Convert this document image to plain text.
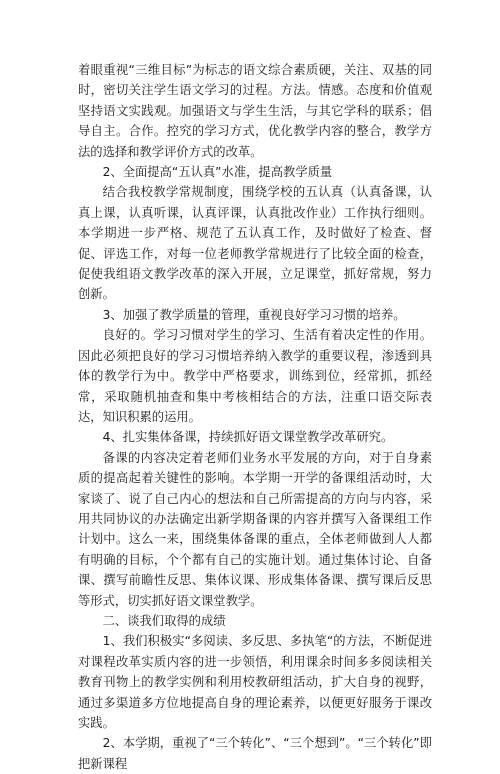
着眼重视“三维目标”为标志的语文综合素质硬，关注、双基的同时，密切关注学生语文学习的过程。方法。情感。态度和价值观坚持语文实践观。加强语文与学生生活，与其它学科的联系；倡导自主。合作。控究的学习方式，优化教学内容的整合，教学方法的选择和教学评价方式的改革。

2、全面提高“五认真”水准，提高教学质量

结合我校教学常规制度，围绕学校的五认真（认真备课，认真上课，认真听课，认真评课，认真批改作业）工作执行细则。本学期进一步严格、规范了五认真工作，及时做好了检查、督促、评选工作，对每一位老师教学常规进行了比较全面的检查，促使我组语文教学改革的深入开展，立足课堂，抓好常规，努力创新。

3、加强了教学质量的管理，重视良好学习习惯的培养。

良好的。学习习惯对学生的学习、生活有着决定性的作用。因此必须把良好的学习习惯培养纳入教学的重要议程，渗透到具体的教学行为中。教学中严格要求，训练到位，经常抓，抓经常，采取随机抽查和集中考核相结合的方法，注重口语交际表达，知识积累的运用。

4、扎实集体备课，持续抓好语文课堂教学改革研究。

备课的内容决定着老师们业务水平发展的方向，对于自身素质的提高起着关键性的影响。本学期一开学的备课组活动时，大家谈了、说了自己内心的想法和自己所需提高的方向与内容，采用共同协议的办法确定出新学期备课的内容并撰写入备课组工作计划中。这么一来，围绕集体备课的重点，全体老师做到人人都有明确的目标，个个都有自己的实施计划。通过集体讨论、自备课、撰写前瞻性反思、集体议课、形成集体备课、撰写课后反思等形式，切实抓好语文课堂教学。

二、谈我们取得的成绩

1、我们积极实“多阅读、多反思、多执笔“的方法，不断促进对课程改革实质内容的进一步领悟，利用课余时间多多阅读相关教育刊物上的教学实例和利用校教研组活动，扩大自身的视野，通过多渠道多方位地提高自身的理论素养，以便更好服务于课改实践。

2、本学期，重视了“三个转化”、“三个想到”。“三个转化”即把新课程
